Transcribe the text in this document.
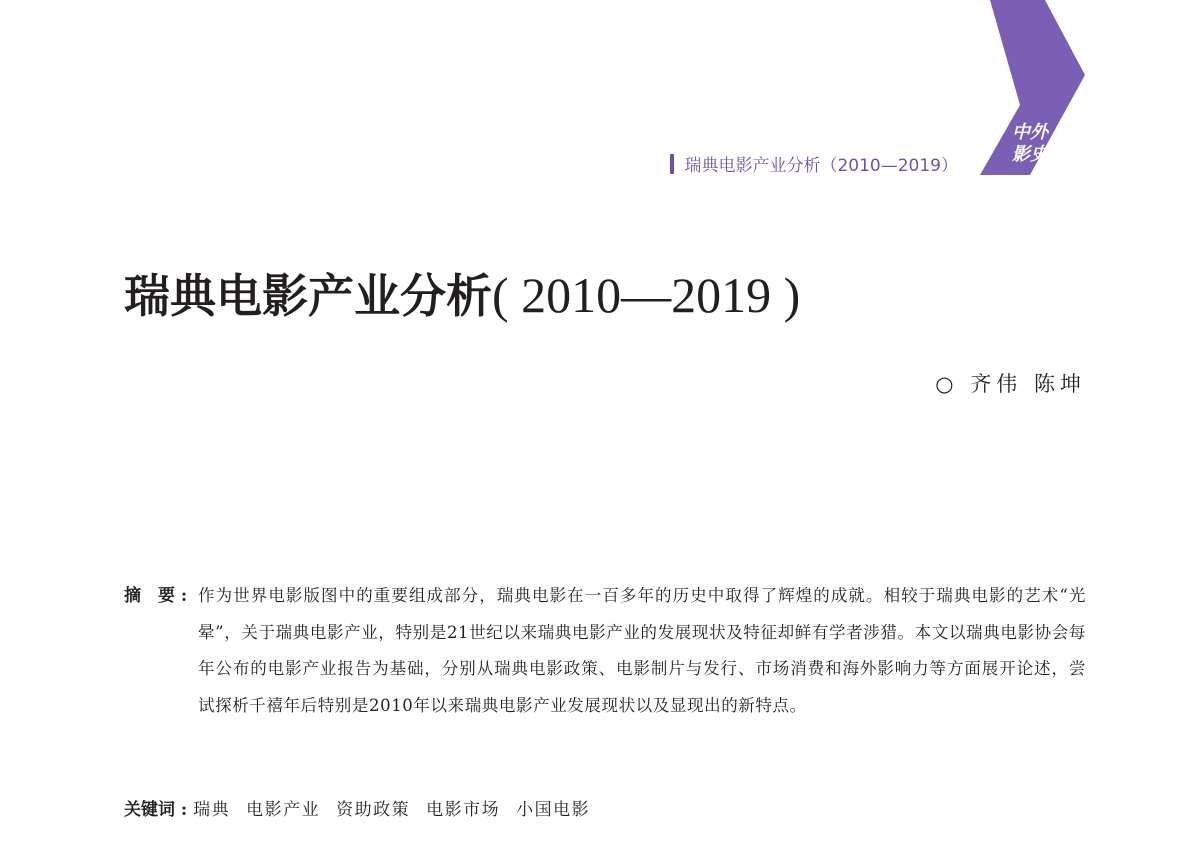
中外
影史
瑞典电影产业分析（2010—2019）
瑞典电影产业分析( 2010—2019 )
○ 齐伟 陈坤
摘　要 : 作为世界电影版图中的重要组成部分，瑞典电影在一百多年的历史中取得了辉煌的成就。相较于瑞典电影的艺术“光晕”，关于瑞典电影产业，特别是21世纪以来瑞典电影产业的发展现状及特征却鲜有学者涉猎。本文以瑞典电影协会每年公布的电影产业报告为基础，分别从瑞典电影政策、电影制片与发行、市场消费和海外影响力等方面展开论述，尝试探析千禧年后特别是2010年以来瑞典电影产业发展现状以及显现出的新特点。
关键词 : 瑞典 电影产业 资助政策 电影市场 小国电影
